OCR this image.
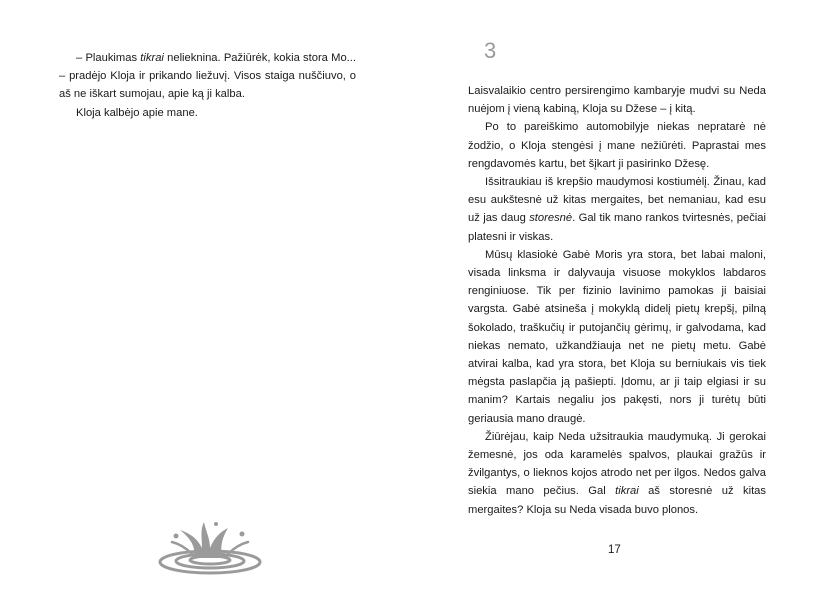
– Plaukimas tikrai nelieknina. Pažiūrėk, kokia stora Mo... – pradėjo Kloja ir prikando liežuvį. Visos staiga nuščiuvo, o aš ne iškart sumojau, apie ką ji kalba.

Kloja kalbėjo apie mane.

3

Laisvalaikio centro persirengimo kambaryje mudvi su Neda nuėjom į vieną kabiną, Kloja su Džese – į kitą.

Po to pareiškimo automobilyje niekas nepratarė nė žodžio, o Kloja stengėsi į mane nežiūrėti. Paprastai mes rengdavomės kartu, bet šįkart ji pasirinko Džesę.

Išsitraukiau iš krepšio maudymosi kostiumėlį. Žinau, kad esu aukštesnė už kitas mergaites, bet nemaniau, kad esu už jas daug storesnė. Gal tik mano rankos tvirtesnės, pečiai platesni ir viskas.

Mūsų klasiokė Gabė Moris yra stora, bet labai maloni, visada linksma ir dalyvauja visuose mokyklos labdaros renginiuose. Tik per fizinio lavinimo pamokas ji baisiai vargsta. Gabė atsineša į mokyklą didelį pietų krepšį, pilną šokolado, traškučių ir putojančių gėrimų, ir galvodama, kad niekas nemato, užkandžiauja net ne pietų metu. Gabė atvirai kalba, kad yra stora, bet Kloja su berniukais vis tiek mėgsta paslapčia ją pašiepti. Įdomu, ar ji taip elgiasi ir su manim? Kartais negaliu jos pakęsti, nors ji turėtų būti geriausia mano draugė.

Žiūrėjau, kaip Neda užsitraukia maudymuką. Ji gerokai žemesnė, jos oda karamelės spalvos, plaukai gražūs ir žvilgantys, o lieknos kojos atrodo net per ilgos. Nedos galva siekia mano pečius. Gal tikrai aš storesnė už kitas mergaites? Kloja su Neda visada buvo plonos.

17
